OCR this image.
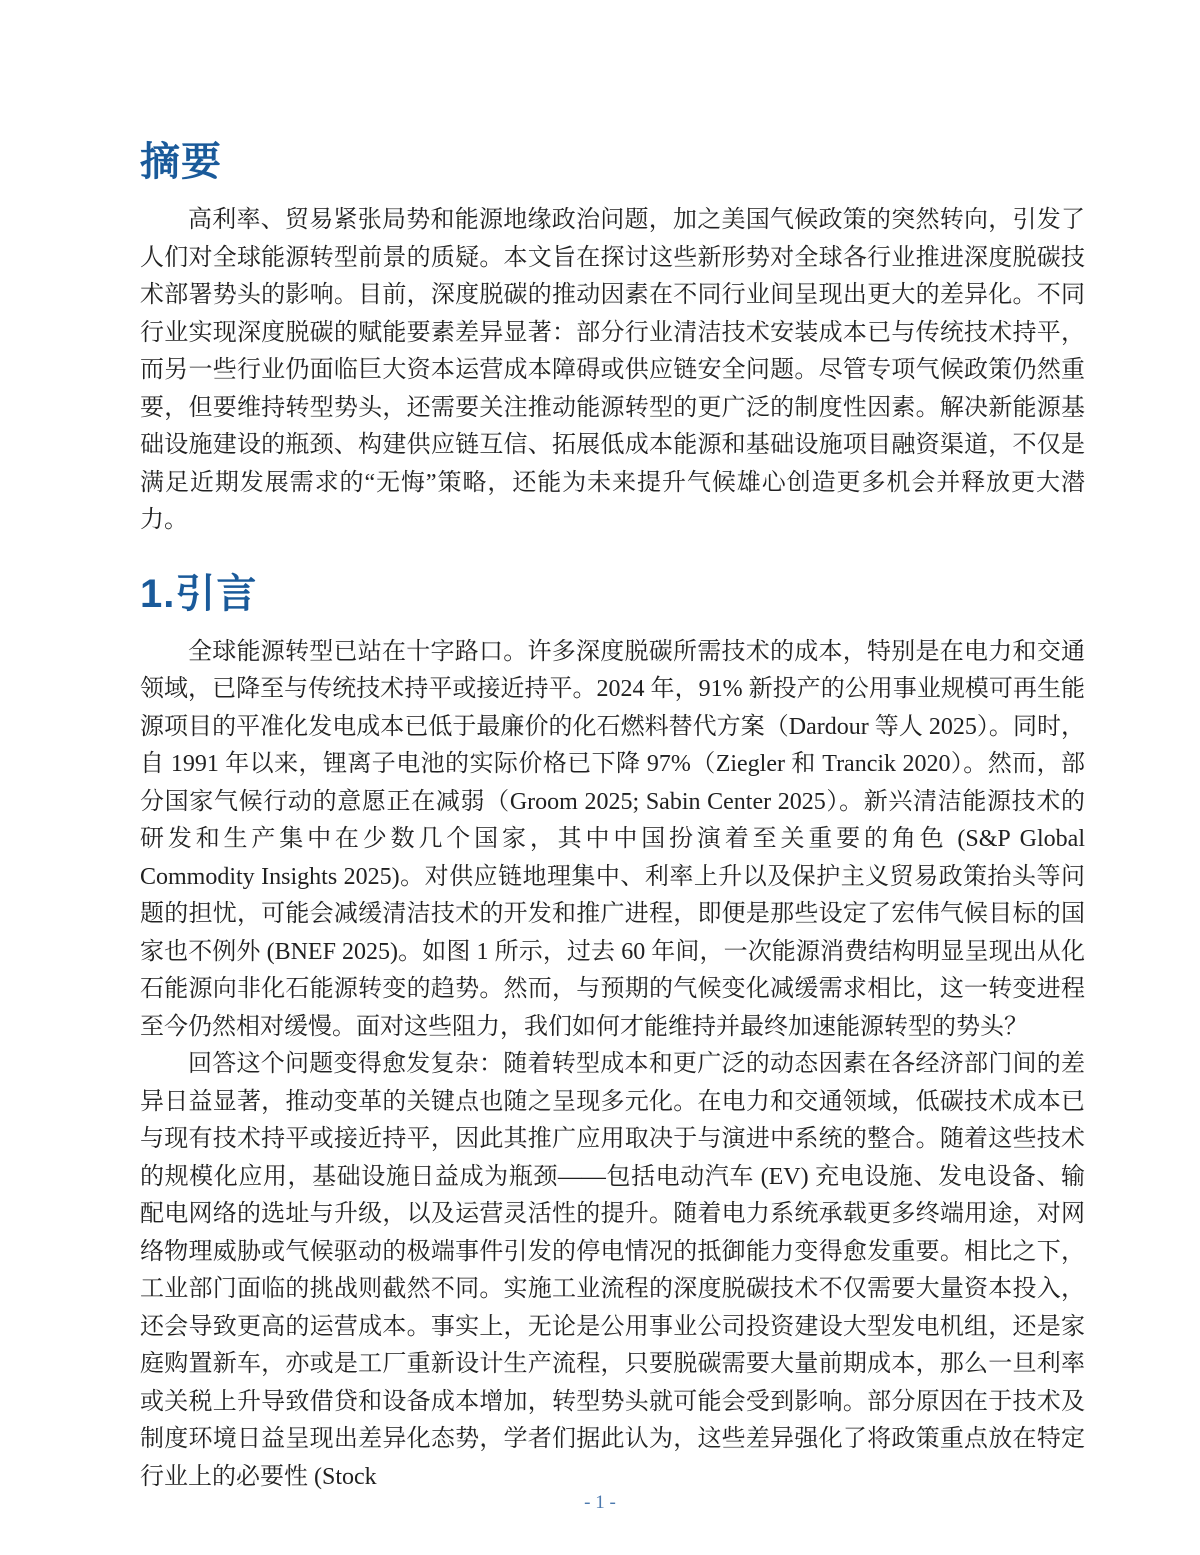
摘要

高利率、贸易紧张局势和能源地缘政治问题，加之美国气候政策的突然转向，引发了人们对全球能源转型前景的质疑。本文旨在探讨这些新形势对全球各行业推进深度脱碳技术部署势头的影响。目前，深度脱碳的推动因素在不同行业间呈现出更大的差异化。不同行业实现深度脱碳的赋能要素差异显著：部分行业清洁技术安装成本已与传统技术持平，而另一些行业仍面临巨大资本运营成本障碍或供应链安全问题。尽管专项气候政策仍然重要，但要维持转型势头，还需要关注推动能源转型的更广泛的制度性因素。解决新能源基础设施建设的瓶颈、构建供应链互信、拓展低成本能源和基础设施项目融资渠道，不仅是满足近期发展需求的“无悔”策略，还能为未来提升气候雄心创造更多机会并释放更大潜力。

1.引言

全球能源转型已站在十字路口。许多深度脱碳所需技术的成本，特别是在电力和交通领域，已降至与传统技术持平或接近持平。2024 年，91% 新投产的公用事业规模可再生能源项目的平准化发电成本已低于最廉价的化石燃料替代方案（Dardour 等人 2025）。同时，自 1991 年以来，锂离子电池的实际价格已下降 97%（Ziegler 和 Trancik 2020）。然而，部分国家气候行动的意愿正在减弱（Groom 2025; Sabin Center 2025）。新兴清洁能源技术的研发和生产集中在少数几个国家，其中中国扮演着至关重要的角色 (S&P Global Commodity Insights 2025)。对供应链地理集中、利率上升以及保护主义贸易政策抬头等问题的担忧，可能会减缓清洁技术的开发和推广进程，即便是那些设定了宏伟气候目标的国家也不例外 (BNEF 2025)。如图 1 所示，过去 60 年间，一次能源消费结构明显呈现出从化石能源向非化石能源转变的趋势。然而，与预期的气候变化减缓需求相比，这一转变进程至今仍然相对缓慢。面对这些阻力，我们如何才能维持并最终加速能源转型的势头？

回答这个问题变得愈发复杂：随着转型成本和更广泛的动态因素在各经济部门间的差异日益显著，推动变革的关键点也随之呈现多元化。在电力和交通领域，低碳技术成本已与现有技术持平或接近持平，因此其推广应用取决于与演进中系统的整合。随着这些技术的规模化应用，基础设施日益成为瓶颈——包括电动汽车 (EV) 充电设施、发电设备、输配电网络的选址与升级，以及运营灵活性的提升。随着电力系统承载更多终端用途，对网络物理威胁或气候驱动的极端事件引发的停电情况的抵御能力变得愈发重要。相比之下，工业部门面临的挑战则截然不同。实施工业流程的深度脱碳技术不仅需要大量资本投入，还会导致更高的运营成本。事实上，无论是公用事业公司投资建设大型发电机组，还是家庭购置新车，亦或是工厂重新设计生产流程，只要脱碳需要大量前期成本，那么一旦利率或关税上升导致借贷和设备成本增加，转型势头就可能会受到影响。部分原因在于技术及制度环境日益呈现出差异化态势，学者们据此认为，这些差异强化了将政策重点放在特定行业上的必要性 (Stock

- 1 -
